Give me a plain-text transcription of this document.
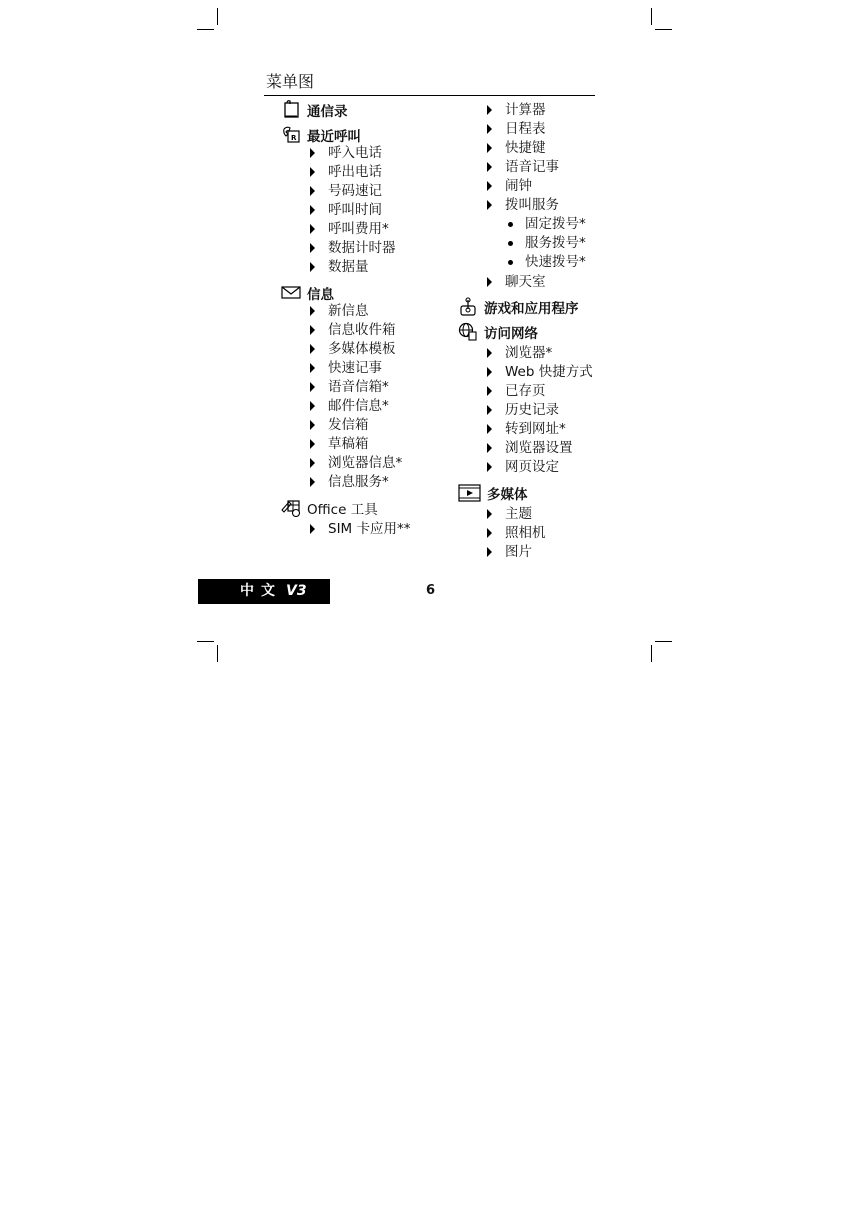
菜单图
通信录
R 最近呼叫
呼入电话
呼出电话
号码速记
呼叫时间
呼叫费用*
数据计时器
数据量
信息
新信息
信息收件箱
多媒体模板
快速记事
语音信箱*
邮件信息*
发信箱
草稿箱
浏览器信息*
信息服务*
Office 工具
SIM 卡应用**
计算器
日程表
快捷键
语音记事
闹钟
拨叫服务
固定拨号*
服务拨号*
快速拨号*
聊天室
游戏和应用程序
访问网络
浏览器*
Web 快捷方式
已存页
历史记录
转到网址*
浏览器设置
网页设定
多媒体
主题
照相机
图片
中文 V3	6
